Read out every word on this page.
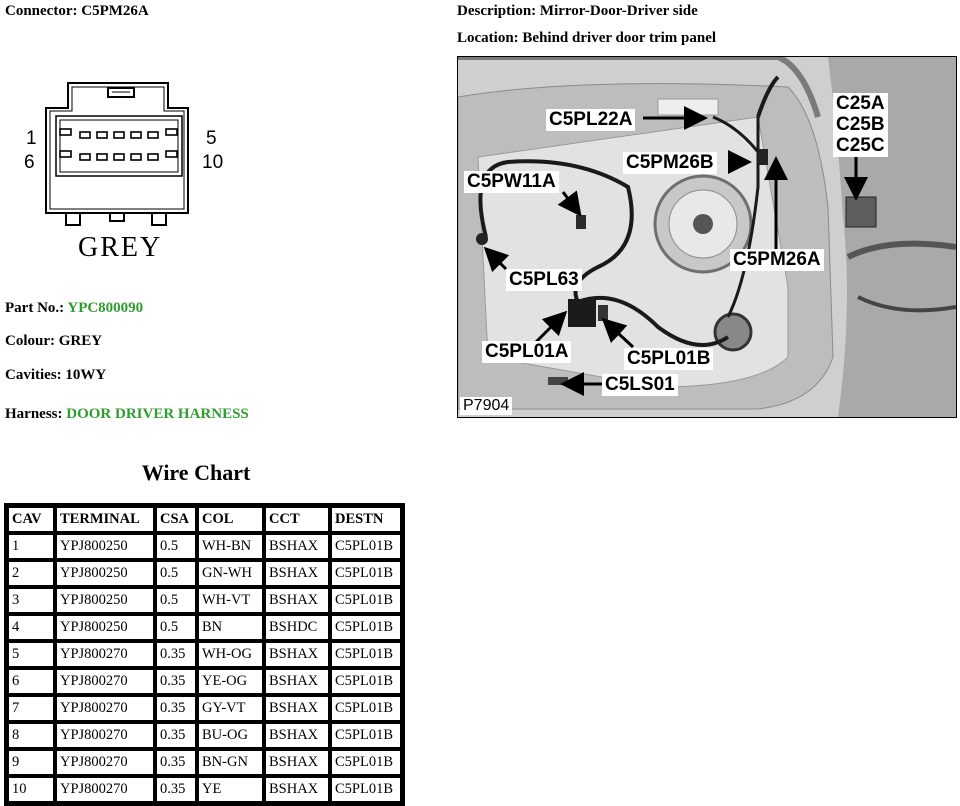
Connector: C5PM26A	Description: Mirror-Door-Driver side
Location: Behind driver door trim panel
1
6
5
10
GREY
Part No.: YPC800090
Colour: GREY
Cavities: 10WY
Harness: DOOR DRIVER HARNESS
C5PL22A
C5PM26B
C25A
C25B
C25C
C5PW11A
C5PM26A
C5PL63
C5PL01A	C5PL01B
C5LS01
P7904
Wire Chart
CAV	TERMINAL	CSA	COL	CCT	DESTN
1	YPJ800250	0.5	WH-BN	BSHAX	C5PL01B
2	YPJ800250	0.5	GN-WH	BSHAX	C5PL01B
3	YPJ800250	0.5	WH-VT	BSHAX	C5PL01B
4	YPJ800250	0.5	BN	BSHDC	C5PL01B
5	YPJ800270	0.35	WH-OG	BSHAX	C5PL01B
6	YPJ800270	0.35	YE-OG	BSHAX	C5PL01B
7	YPJ800270	0.35	GY-VT	BSHAX	C5PL01B
8	YPJ800270	0.35	BU-OG	BSHAX	C5PL01B
9	YPJ800270	0.35	BN-GN	BSHAX	C5PL01B
10	YPJ800270	0.35	YE	BSHAX	C5PL01B
